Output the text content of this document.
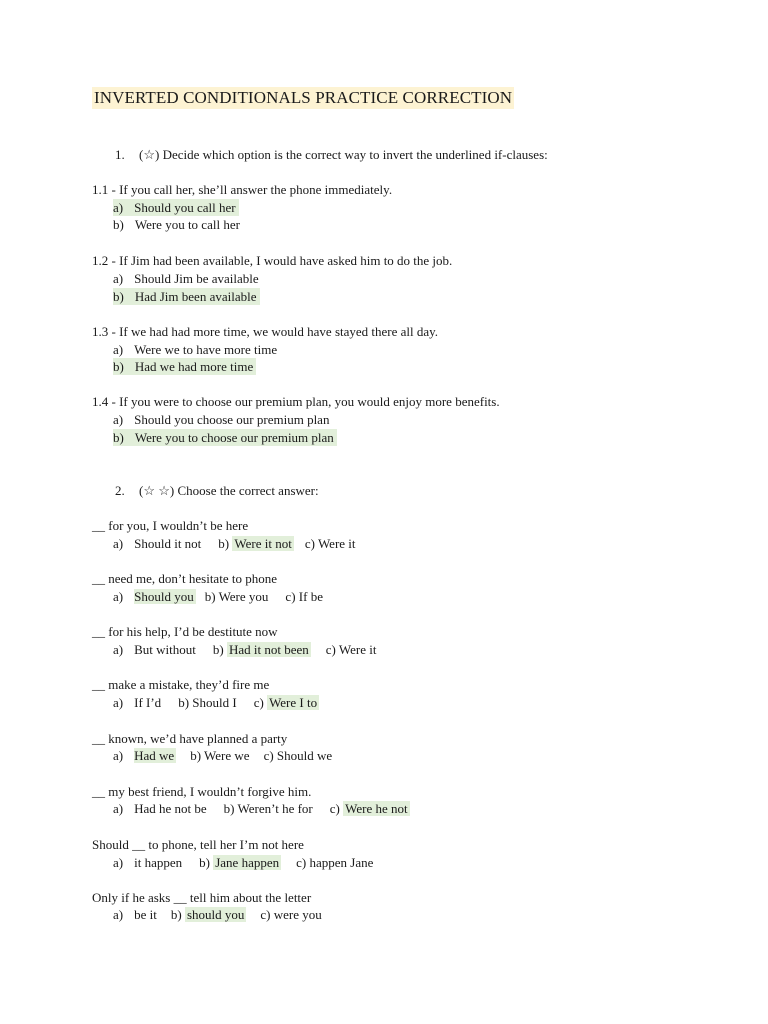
INVERTED CONDITIONALS PRACTICE CORRECTION
1. (☆) Decide which option is the correct way to invert the underlined if-clauses:
1.1 - If you call her, she’ll answer the phone immediately.
a) Should you call her
b) Were you to call her
1.2 - If Jim had been available, I would have asked him to do the job.
a) Should Jim be available
b) Had Jim been available
1.3 - If we had had more time, we would have stayed there all day.
a) Were we to have more time
b) Had we had more time
1.4 - If you were to choose our premium plan, you would enjoy more benefits.
a) Should you choose our premium plan
b) Were you to choose our premium plan
2. (☆ ☆) Choose the correct answer:
__ for you, I wouldn’t be here
a) Should it not b) Were it not c) Were it
__ need me, don’t hesitate to phone
a) Should you b) Were you c) If be
__ for his help, I’d be destitute now
a) But without b) Had it not been c) Were it
__ make a mistake, they’d fire me
a) If I’d b) Should I c) Were I to
__ known, we’d have planned a party
a) Had we b) Were we c) Should we
__ my best friend, I wouldn’t forgive him.
a) Had he not be b) Weren’t he for c) Were he not
Should __ to phone, tell her I’m not here
a) it happen b) Jane happen c) happen Jane
Only if he asks __ tell him about the letter
a) be it b) should you c) were you
